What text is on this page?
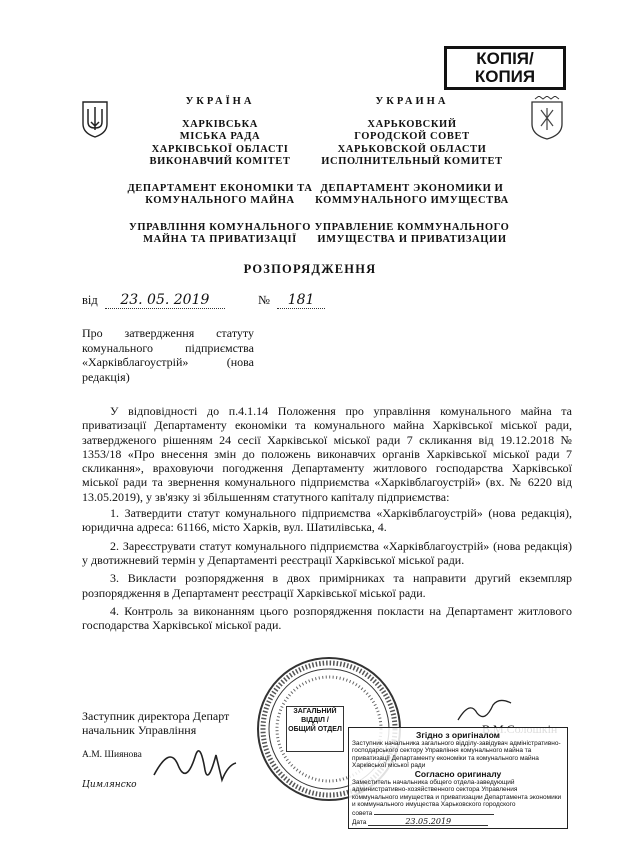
КОПІЯ/
КОПИЯ
УКРАЇНА
ХАРКІВСЬКА
МІСЬКА РАДА
ХАРКІВСЬКОЇ ОБЛАСТІ
ВИКОНАВЧИЙ КОМІТЕТ
ДЕПАРТАМЕНТ ЕКОНОМІКИ ТА
КОМУНАЛЬНОГО МАЙНА
УПРАВЛІННЯ КОМУНАЛЬНОГО
МАЙНА ТА ПРИВАТИЗАЦІЇ
УКРАИНА
ХАРЬКОВСКИЙ
ГОРОДСКОЙ СОВЕТ
ХАРЬКОВСКОЙ ОБЛАСТИ
ИСПОЛНИТЕЛЬНЫЙ КОМИТЕТ
ДЕПАРТАМЕНТ ЭКОНОМИКИ И
КОММУНАЛЬНОГО ИМУЩЕСТВА
УПРАВЛЕНИЕ КОММУНАЛЬНОГО
ИМУЩЕСТВА И ПРИВАТИЗАЦИИ
РОЗПОРЯДЖЕННЯ
від 23. 05. 2019	№ 181
Про затвердження статуту комунального підприємства «Харківблагоустрій» (нова редакція)

У відповідності до п.4.1.14 Положення про управління комунального майна та приватизації Департаменту економіки та комунального майна Харківської міської ради, затвердженого рішенням 24 сесії Харківської міської ради 7 скликання від 19.12.2018 № 1353/18 «Про внесення змін до положень виконавчих органів Харківської міської ради 7 скликання», враховуючи погодження Департаменту житлового господарства Харківської міської ради та звернення комунального підприємства «Харківблагоустрій» (вх. № 6220 від 13.05.2019), у зв'язку зі збільшенням статутного капіталу підприємства:

1. Затвердити статут комунального підприємства «Харківблагоустрій» (нова редакція), юридична адреса: 61166, місто Харків, вул. Шатилівська, 4.

2. Зареєструвати статут комунального підприємства «Харківблагоустрій» (нова редакція) у двотижневий термін у Департаменті реєстрації Харківської міської ради.

3. Викласти розпорядження в двох примірниках та направити другий екземпляр розпорядження в Департамент реєстрації Харківської міської ради.

4. Контроль за виконанням цього розпорядження покласти на Департамент житлового господарства Харківської міської ради.

Заступник директора Департ
начальник Управління
А.М. Шиянова
Цимлянско
ЗАГАЛЬНИЙ ВІДДІЛ / ОБЩИЙ ОТДЕЛ
Згідно з оригіналом
Заступник начальника загального відділу-завідувач адміністративно-господарського сектору Управління комунального майна та приватизації Департаменту економіки та комунального майна Харківської міської ради
Согласно оригиналу
Заместитель начальника общего отдела-заведующий административно-хозяйственного сектора Управления коммунального имущества и приватизации Департамента экономики и коммунального имущества Харьковского городского
совета
Дата	23.05.2019
